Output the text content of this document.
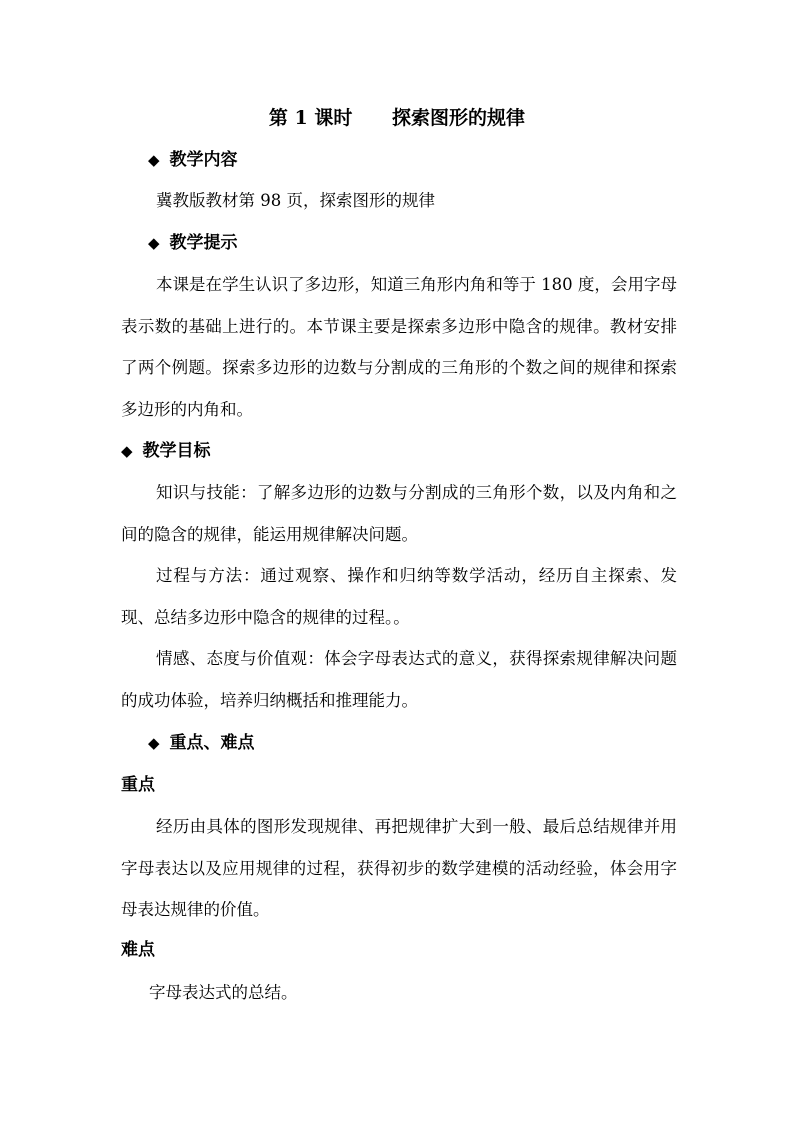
第 1 课时      探索图形的规律
◆ 教学内容
冀教版教材第 98 页，探索图形的规律
◆ 教学提示
本课是在学生认识了多边形，知道三角形内角和等于 180 度，会用字母表示数的基础上进行的。本节课主要是探索多边形中隐含的规律。教材安排了两个例题。探索多边形的边数与分割成的三角形的个数之间的规律和探索多边形的内角和。
◆ 教学目标
知识与技能：了解多边形的边数与分割成的三角形个数，以及内角和之间的隐含的规律，能运用规律解决问题。
过程与方法：通过观察、操作和归纳等数学活动，经历自主探索、发现、总结多边形中隐含的规律的过程。。
情感、态度与价值观：体会字母表达式的意义，获得探索规律解决问题的成功体验，培养归纳概括和推理能力。
◆ 重点、难点
重点
经历由具体的图形发现规律、再把规律扩大到一般、最后总结规律并用字母表达以及应用规律的过程，获得初步的数学建模的活动经验，体会用字母表达规律的价值。
难点
字母表达式的总结。
